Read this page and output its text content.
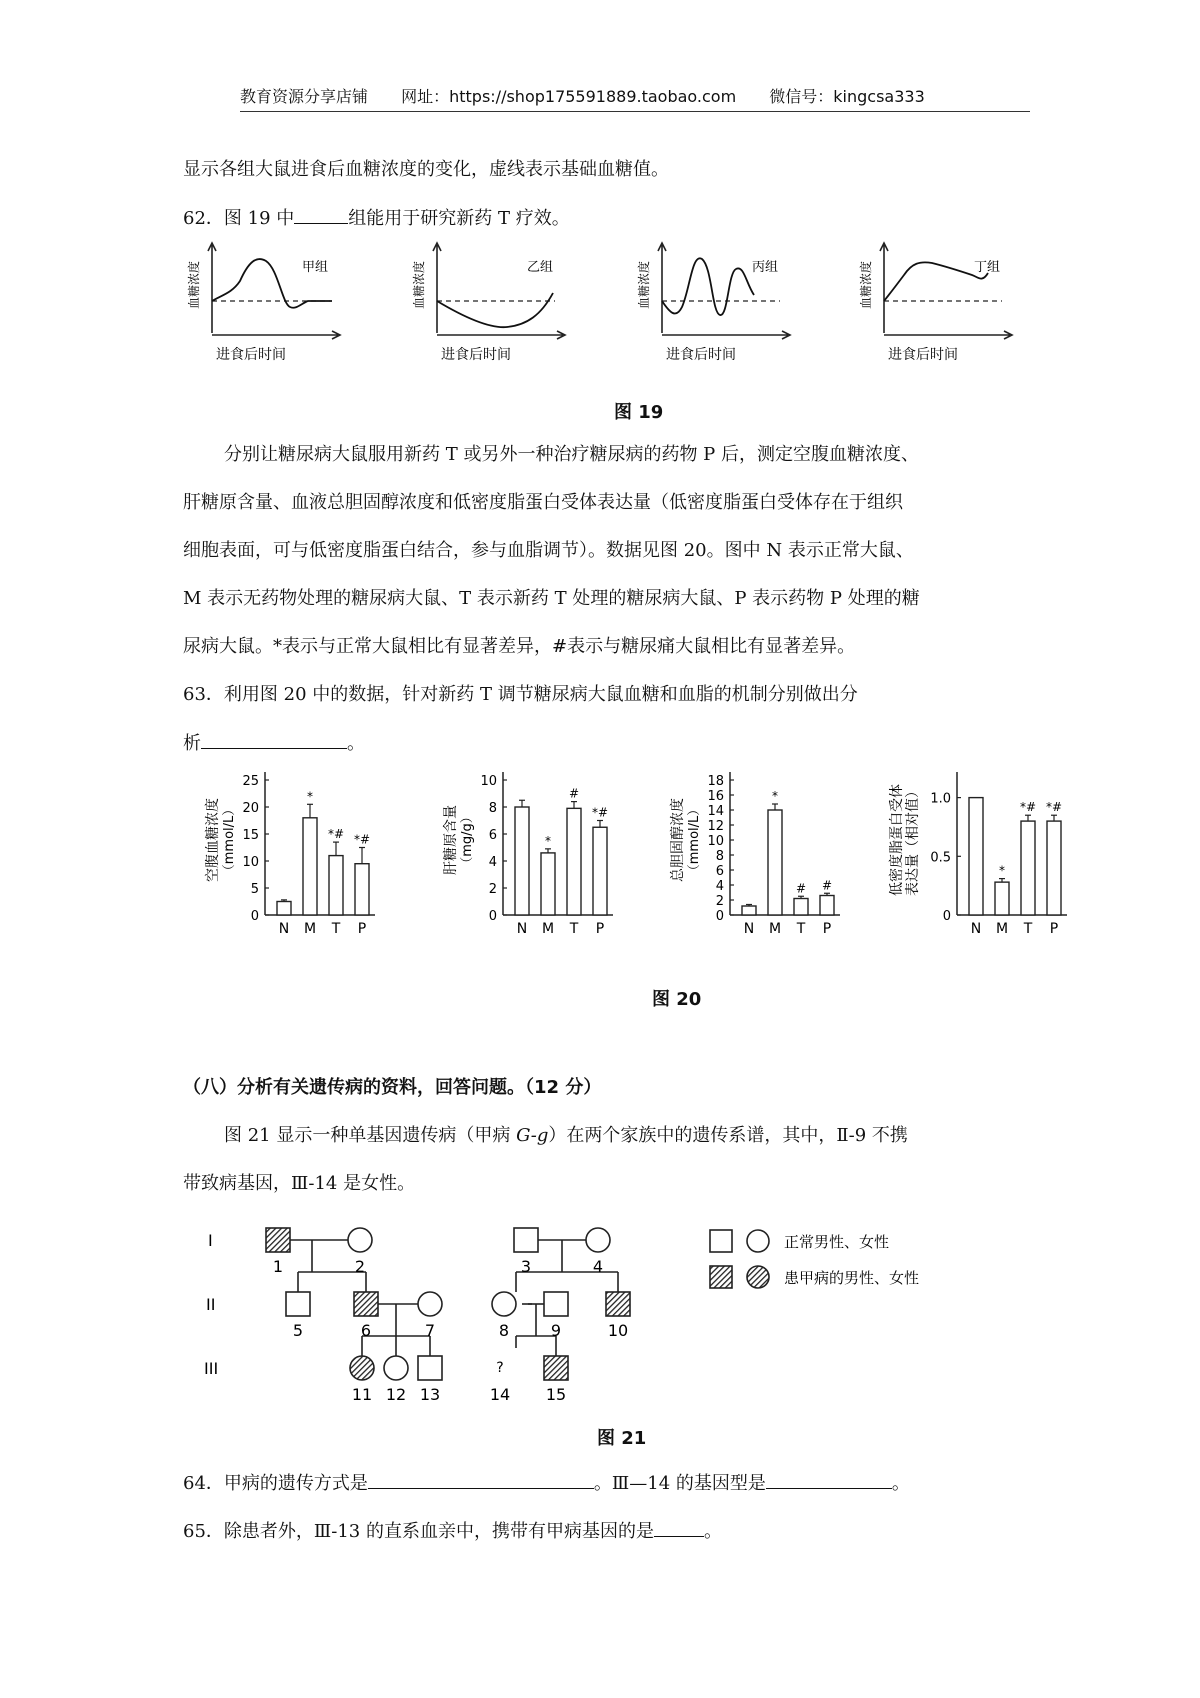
教育资源分享店铺 网址：https://shop175591889.taobao.com 微信号：kingcsa333
显示各组大鼠进食后血糖浓度的变化，虚线表示基础血糖值。
62．图 19 中	组能用于研究新药 T 疗效。
甲组
血糖浓度
进食后时间
乙组
血糖浓度
进食后时间
丙组
血糖浓度
进食后时间
丁组
血糖浓度
进食后时间
图 19
分别让糖尿病大鼠服用新药 T 或另外一种治疗糖尿病的药物 P 后，测定空腹血糖浓度、
肝糖原含量、血液总胆固醇浓度和低密度脂蛋白受体表达量（低密度脂蛋白受体存在于组织
细胞表面，可与低密度脂蛋白结合，参与血脂调节）。数据见图 20。图中 N 表示正常大鼠、
M 表示无药物处理的糖尿病大鼠、T 表示新药 T 处理的糖尿病大鼠、P 表示药物 P 处理的糖
尿病大鼠。*表示与正常大鼠相比有显著差异，#表示与糖尿痛大鼠相比有显著差异。
63．利用图 20 中的数据，针对新药 T 调节糖尿病大鼠血糖和血脂的机制分别做出分
析	。
0
5
10
15
20
25
空腹血糖浓度 （mmol/L）
N
*
M
*#
T
*#
P
0
2
4
6
8
10
肝糖原含量 （mg/g）
N
*
M
#
T
*#
P
0
2
4
6
8
10
12
14
16
18
总胆固醇浓度 （mmol/L）
N
*
M
#
T
#
P
0
0.5
1.0
低密度脂蛋白受体 表达量（相对值）
N
*
M
*#
T
*#
P
图 20
（八）分析有关遗传病的资料，回答问题。（12 分）
图 21 显示一种单基因遗传病（甲病 G-g）在两个家族中的遗传系谱，其中，Ⅱ-9 不携
带致病基因，Ⅲ-14 是女性。
I
II
III
1	2
5	6	7
11 12 13
3	4
8	9	10
?
14 15
正常男性、女性
患甲病的男性、女性
图 21
64．甲病的遗传方式是	。Ⅲ—14 的基因型是	。
65．除患者外，Ⅲ-13 的直系血亲中，携带有甲病基因的是	。
